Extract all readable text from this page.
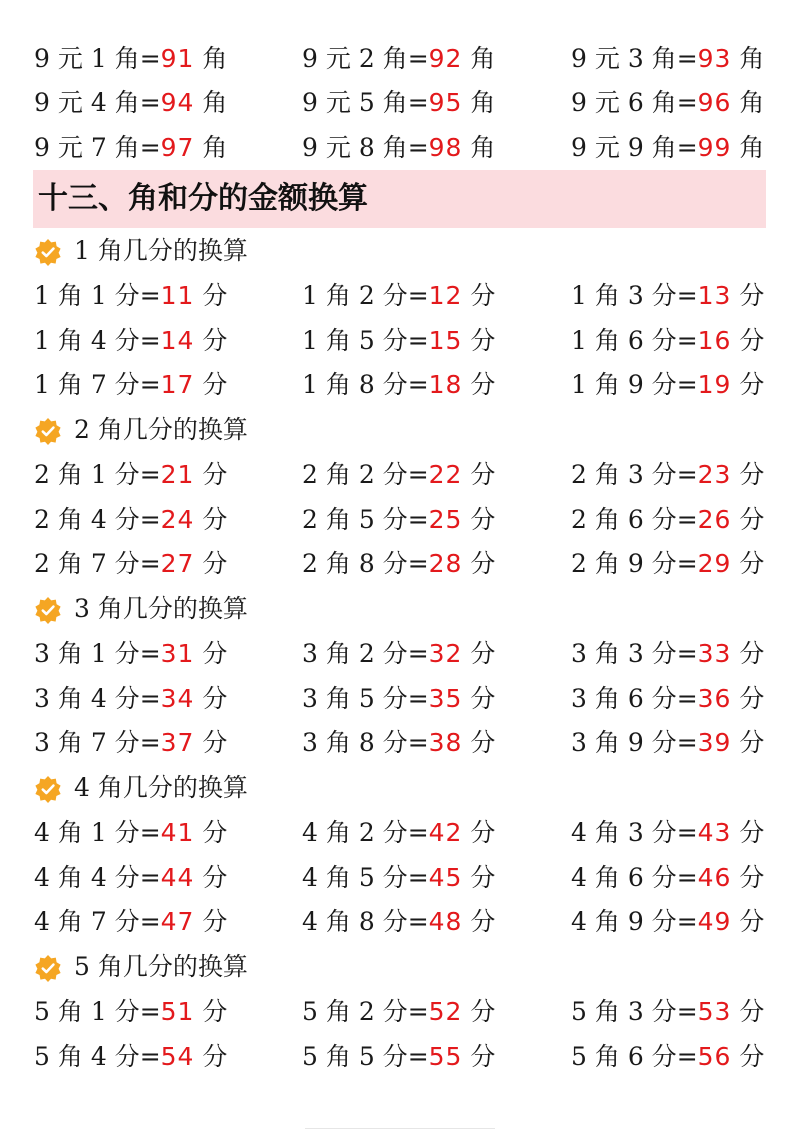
十三、角和分的金额换算
9 元 1 角=91 角	9 元 2 角=92 角	9 元 3 角=93 角
9 元 4 角=94 角	9 元 5 角=95 角	9 元 6 角=96 角
9 元 7 角=97 角	9 元 8 角=98 角	9 元 9 角=99 角
1 角几分的换算
1 角 1 分=11 分	1 角 2 分=12 分	1 角 3 分=13 分
1 角 4 分=14 分	1 角 5 分=15 分	1 角 6 分=16 分
1 角 7 分=17 分	1 角 8 分=18 分	1 角 9 分=19 分
2 角几分的换算
2 角 1 分=21 分	2 角 2 分=22 分	2 角 3 分=23 分
2 角 4 分=24 分	2 角 5 分=25 分	2 角 6 分=26 分
2 角 7 分=27 分	2 角 8 分=28 分	2 角 9 分=29 分
3 角几分的换算
3 角 1 分=31 分	3 角 2 分=32 分	3 角 3 分=33 分
3 角 4 分=34 分	3 角 5 分=35 分	3 角 6 分=36 分
3 角 7 分=37 分	3 角 8 分=38 分	3 角 9 分=39 分
4 角几分的换算
4 角 1 分=41 分	4 角 2 分=42 分	4 角 3 分=43 分
4 角 4 分=44 分	4 角 5 分=45 分	4 角 6 分=46 分
4 角 7 分=47 分	4 角 8 分=48 分	4 角 9 分=49 分
5 角几分的换算
5 角 1 分=51 分	5 角 2 分=52 分	5 角 3 分=53 分
5 角 4 分=54 分	5 角 5 分=55 分	5 角 6 分=56 分
